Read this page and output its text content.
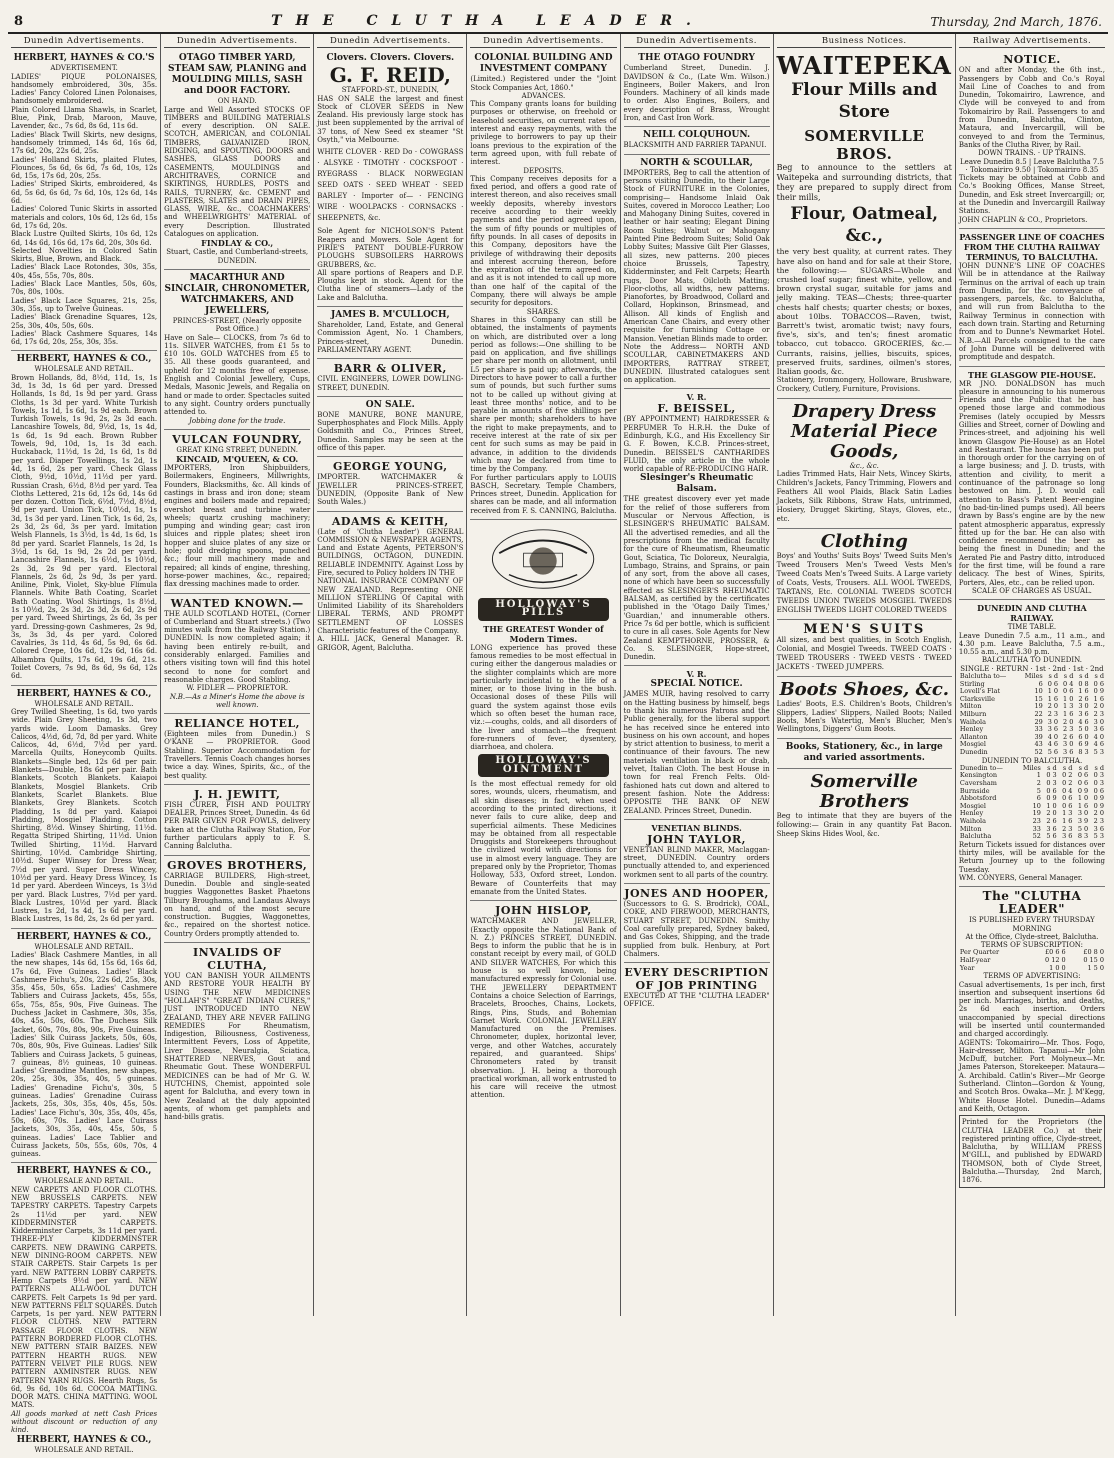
8	THE CLUTHA LEADER.	Thursday, 2nd March, 1876.
Dunedin Advertisements.
HERBERT, HAYNES & CO.'S
ADVERTISEMENT.

LADIES' PIQUE POLONAISES, handsomely embroidered, 30s, 35s. Ladies' Fancy Colored Linen Polonaises, handsomely embroidered.

Plain Colored Llama Shawls, in Scarlet, Blue, Pink, Drab, Maroon, Mauve, Lavender, &c., 7s 6d, 8s 6d, 11s 6d.

Ladies' Black Twill Skirts, new designs, handsomely trimmed, 14s 6d, 16s 6d, 17s 6d, 20s, 22s 6d, 25s.

Ladies' Holland Skirts, plaited Flutes, Flounces, 5s 6d, 6s 6d, 7s 6d, 10s, 12s 6d, 15s, 17s 6d, 20s, 25s.

Ladies' Striped Skirts, embroidered, 4s 6d, 5s 6d, 6s 6d, 7s 6d, 10s, 12s 6d, 14s 6d.

Ladies' Colored Tunic Skirts in assorted materials and colors, 10s 6d, 12s 6d, 15s 6d, 17s 6d, 20s.

Black Lustre Quilted Skirts, 10s 6d, 12s 6d, 14s 6d, 16s 6d, 17s 6d, 20s, 30s 6d.

Selected Novelties in Colored Satin Skirts, Blue, Brown, and Black.

Ladies' Black Lace Rotondes, 30s, 35s, 40s, 45s, 55s, 70s, 80s.

Ladies' Black Lace Mantles, 50s, 60s, 70s, 80s, 100s.

Ladies' Black Lace Squares, 21s, 25s, 30s, 35s, up to Twelve Guineas.

Ladies' Black Grenadine Squares, 12s, 25s, 30s, 40s, 50s, 60s.

Ladies' Black Cashmere Squares, 14s 6d, 17s 6d, 20s, 25s, 30s, 35s.

HERBERT, HAYNES & CO.,
WHOLESALE AND RETAIL.

Brown Hollands, 8d, 8½d, 11d, 1s, 1s 3d, 1s 3d, 1s 6d per yard. Dressed Hollands, 1s 8d, 1s 9d per yard. Grass Cloths, 1s 3d per yard. White Turkish Towels, 1s 1d, 1s 6d, 1s 9d each. Brown Turkish Towels, 1s 9d, 2s, 2s 3d each. Lancashire Towels, 8d, 9½d, 1s, 1s 4d, 1s 6d, 1s 9d each. Brown Rubber Towels, 9d, 10d, 1s, 1s 3d each. Huckaback, 11½d, 1s 2d, 1s 6d, 1s 8d per yard. Diaper Towellings, 1s 2d, 1s 4d, 1s 6d, 2s per yard. Check Glass Cloth, 9½d, 10½d, 11½d per yard. Russian Crash, 6½d, 8½d per yard. Tea Cloths Lettered, 21s 6d, 12s 6d, 14s 6d per dozen. Cotton Tick, 6½d, 7½d, 8½d, 9d per yard. Union Tick, 10½d, 1s, 1s 3d, 1s 3d per yard. Linen Tick, 1s 6d, 2s, 2s 3d, 2s 6d, 3s per yard. Imitation Welsh Flannels, 1s 3½d, 1s 4d, 1s 6d, 1s 8d per yard. Scarlet Flannels, 1s 2d, 1s 3½d, 1s 6d, 1s 9d, 2s 2d per yard. Lancashire Flannels, 1s 6½d, 1s 10½d, 2s 3d, 2s 9d per yard. Electoral Flannels, 2s 6d, 2s 9d, 3s per yard. Aniline, Pink, Violet, Sky-blue Flimula Flannels. White Bath Coating, Scarlet Bath Coating. Wool Shirtings, 1s 8½d, 1s 10½d, 2s, 2s 3d, 2s 3d, 2s 6d, 2s 9d per yard. Tweed Shirtings, 2s 6d, 3s per yard. Dressing-gown Cashmeres, 2s 9d, 3s, 3s 3d, 4s per yard. Colored Cavalries, 3s 11d, 4s 6d, 5s 9d, 6s 6d. Colored Crepe, 10s 6d, 12s 6d, 16s 6d. Albambra Quilts, 17s 6d, 19s 6d, 21s. Toilet Covers, 7s 9d, 8s 6d, 9s 6d, 12s 6d.

HERBERT, HAYNES & CO.,
WHOLESALE AND RETAIL.

Grey Twilled Sheeting, 1s 6d, two yards wide. Plain Grey Sheeting, 1s 3d, two yards wide. Loom Damasks. Grey Calicos, 4½d, 6d, 7d, 8d per yard. White Calicos, 4d, 6½d, 7½d per yard. Marcella Quilts, Honeycomb Quilts. Blankets—Single bed, 12s 6d per pair. Blankets—Double, 18s 6d per pair. Bath Blankets, Scotch Blankets. Kaiapoi Blankets, Mosgiel Blankets. Crib Blankets, Scarlet Blankets. Blue Blankets, Grey Blankets. Scotch Pladding, 1s 8d per yard. Kaiapoi Pladding, Mosgiel Pladding. Cotton Shirting, 8½d. Winsey Shirting, 11½d. Regatta Striped Shirting, 11½d. Union Twilled Shirting, 11½d. Harvard Shirting, 10½d. Cambridge Shirting, 10½d. Super Winsey for Dress Wear, 7½d per yard. Super Dress Wincey, 10½d per yard. Heavy Dress Wincey, 1s 1d per yard. Aberdeen Winceys, 1s 3½d per yard. Black Lustres, 7½d per yard. Black Lustres, 10½d per yard. Black Lustres, 1s 2d, 1s 4d, 1s 6d per yard. Black Lustres, 1s 8d, 2s, 2s 6d per yard.

HERBERT, HAYNES & CO.,
WHOLESALE AND RETAIL.

Ladies' Black Cashmere Mantles, in all the new shapes, 14s 6d, 15s 6d, 16s 6d, 17s 6d, Five Guineas. Ladies' Black Cashmere Fichu's, 20s, 22s 6d, 25s, 30s, 35s, 45s, 50s, 65s. Ladies' Cashmere Tabliers and Cuirass Jackets, 45s, 55s, 65s, 75s, 85s, 90s, Five Guineas. The Duchess Jacket in Cashmere, 30s, 35s, 40s, 45s, 50s, 60s. The Duchess Silk Jacket, 60s, 70s, 80s, 90s, Five Guineas. Ladies' Silk Cuirass Jackets, 50s, 60s, 70s, 80s, 90s, Five Guineas. Ladies' Silk Tabliers and Cuirass Jackets, 5 guineas, 7 guineas, 8½ guineas, 10 guineas. Ladies' Grenadine Mantles, new shapes, 20s, 25s, 30s, 35s, 40s, 5 guineas. Ladies' Grenadine Fichu's, 30s, 5 guineas. Ladies' Grenadine Cuirass Jackets, 25s, 30s, 35s, 40s, 45s, 50s. Ladies' Lace Fichu's, 30s, 35s, 40s, 45s, 50s, 60s, 70s. Ladies' Lace Cuirass Jackets, 30s, 35s, 40s, 45s, 50s, 5 guineas. Ladies' Lace Tablier and Cuirass Jackets, 50s, 55s, 60s, 70s, 4 guineas.

HERBERT, HAYNES & CO.,
WHOLESALE AND RETAIL.

NEW CARPETS AND FLOOR CLOTHS. NEW BRUSSELS CARPETS. NEW TAPESTRY CARPETS. Tapestry Carpets 2s 11½d per yard. NEW KIDDERMINSTER CARPETS. Kidderminster Carpets, 3s 11d per yard. THREE-PLY KIDDERMINSTER CARPETS. NEW DRAWING CARPETS. NEW DINING-ROOM CARPETS. NEW STAIR CARPETS. Stair Carpets 1s per yard. NEW PATTERN LOBBY CARPETS. Hemp Carpets 9½d per yard. NEW PATTERNS ALL-WOOL DUTCH CARPETS. Felt Carpets 1s 9d per yard. NEW PATTERNS FELT SQUARES. Dutch Carpets, 1s per yard. NEW PATTERN FLOOR CLOTHS. NEW PATTERN PASSAGE FLOOR CLOTHS. NEW PATTERN BORDERED FLOOR CLOTHS. NEW PATTERN STAIR BAIZES. NEW PATTERN HEARTH RUGS. NEW PATTERN VELVET PILE RUGS. NEW PATTERN AXMINSTER RUGS. NEW PATTERN YARN RUGS. Hearth Rugs, 5s 6d, 9s 6d, 10s 6d. COCOA MATTING. DOOR MATS. CHINA MATTING. WOOL MATS.

All goods marked at nett Cash Prices without discount or reduction of any kind.

HERBERT, HAYNES & CO.,
WHOLESALE AND RETAIL.
Dunedin Advertisements.
OTAGO TIMBER YARD, STEAM SAW, PLANING and MOULDING MILLS, SASH and DOOR FACTORY.
ON HAND.

Large and Well Assorted STOCKS OF TIMBERS and BUILDING MATERIALS of every description. ON SALE. SCOTCH, AMERICAN, and COLONIAL TIMBERS, GALVANIZED IRON, RIDGING, and SPOUTING, DOORS and SASHES, GLASS DOORS and CASEMENTS, MOULDINGS and ARCHITRAVES, CORNICE and SKIRTINGS, HURDLES, POSTS and RAILS, TURNERY, &c. CEMENT and PLASTERS, SLATES and DRAIN PIPES, GLASS, WIRE, &c., COACHMAKERS' and WHEELWRIGHTS' MATERIAL of every Description. Illustrated Catalogues on application.

FINDLAY & CO.,
Stuart, Castle, and Cumberland-streets, DUNEDIN.
MACARTHUR AND SINCLAIR, CHRONOMETER, WATCHMAKERS, AND JEWELLERS,
PRINCES-STREET, (Nearly opposite Post Office.)

Have on Sale— CLOCKS, from 7s 6d to 11s. SILVER WATCHES, from £1 5s to £10 10s. GOLD WATCHES from £5 to 35. All these goods guaranteed, and upheld for 12 months free of expense. English and Colonial Jewellery, Cups, Medals, Masonic Jewels, and Regalia on hand or made to order. Spectacles suited to any sight. Country orders punctually attended to.

Jobbing done for the trade.
VULCAN FOUNDRY,
GREAT KING STREET, DUNEDIN.
KINCAID, M'QUEEN, & CO.

IMPORTERS, Iron Shipbuilders, Boilermakers, Engineers, Millwrights, Founders, Blacksmiths, &c. All kinds of castings in brass and iron done; steam engines and boilers made and repaired; overshot breast and turbine water wheels; quartz crushing machinery; pumping and winding gear; cast iron sluices and ripple plates; sheet iron hopper and sluice plates of any size or hole; gold dredging spoons, punched &c.; flour mill machinery made and repaired; all kinds of engine, threshing, horse-power machines, &c., repaired; flax dressing machines made to order.

WANTED KNOWN.—

THE AULD SCOTLAND HOTEL, (Corner of Cumberland and Stuart streets.) (Two minutes walk from the Railway Station.) DUNEDIN. Is now completed again; it having been entirely re-built, and considerably enlarged. Families and others visiting town will find this hotel second to none for comfort and reasonable charges. Good Stabling.

W. FIDLER — PROPRIETOR.
N.B.—As a Miner's Home the above is well known.
RELIANCE HOTEL,

(Eighteen miles from Dunedin.) S O'KANE — PROPRIETOR. Good Stabling. Superior Accommodation for Travellers. Tennis Coach changes horses twice a day. Wines, Spirits, &c., of the best quality.

J. H. JEWITT,

FISH CURER, FISH AND POULTRY DEALER, Princes Street, Dunedin. 4s 6d PER PAIR GIVEN FOR FOWLS, delivery taken at the Clutha Railway Station, For further particulars apply to F. S. Canning Balclutha.

GROVES BROTHERS,

CARRIAGE BUILDERS, High-street, Dunedin. Double and single-seated buggies Waggonettes Basket Phaetons Tilbury Broughams, and Landaus Always on hand, and of the most secure construction. Buggies, Waggonettes, &c., repaired on the shortest notice. Country Orders promptly attended to.

INVALIDS OF CLUTHA,

YOU CAN BANISH YOUR AILMENTS AND RESTORE YOUR HEALTH BY USING THE NEW MEDICINES "HOLLAH'S" "GREAT INDIAN CURES," JUST INTRODUCED INTO NEW ZEALAND, THEY ARE NEVER FAILING REMEDIES For Rheumatism, Indigestion, Biliousness, Costiveness, Intermittent Fevers, Loss of Appetite, Liver Disease, Neuralgia, Sciatica, SHATTERED NERVES, Gout and Rheumatic Gout. These WONDERFUL MEDICINES can be had of Mr G. W. HUTCHINS, Chemist, appointed sole agent for Balclutha, and every town in New Zealand at the duly appointed agents, of whom get pamphlets and hand-bills gratis.

Dunedin Advertisements.
Clovers. Clovers. Clovers.
G. F. REID,
STAFFORD-ST., DUNEDIN,

HAS ON SALE the largest and finest Stock of CLOVER SEEDS in New Zealand. His previously large stock has just been supplemented by the arrival of 37 tons, of New Seed ex steamer "St Osyth," via Melbourne.

WHITE CLOVER · RED Do · COWGRASS · ALSYKE · TIMOTHY · COCKSFOOT · RYEGRASS · BLACK NORWEGIAN SEED OATS · SEED WHEAT · SEED BARLEY · Importer of— · FENCING WIRE · WOOLPACKS · CORNSACKS · SHEEPNETS, &c.

Sole Agent for NICHOLSON'S Patent Reapers and Mowers. Sole Agent for PIRIE'S PATENT DOUBLE-FURROW PLOUGHS SUBSOILERS HARROWS GRUBBERS, &c.

All spare portions of Reapers and D.F. Ploughs kept in stock. Agent for the Clutha line of steamers—Lady of the Lake and Balclutha.

JAMES B. M'CULLOCH,

Shareholder, Land, Estate, and General Commission Agent, No. 1 Chambers, Princes-street, Dunedin. PARLIAMENTARY AGENT.

BARR & OLIVER,

CIVIL ENGINEERS, LOWER DOWLING-STREET, DUNEDIN.

ON SALE.

BONE MANURE, BONE MANURE, Superphosphates and Flock Mills. Apply Goldsmith and Co., Princes Street, Dunedin. Samples may be seen at the office of this paper.

GEORGE YOUNG,

IMPORTER. WATCHMAKER & JEWELLER PRINCES-STREET, DUNEDIN, (Opposite Bank of New South Wales.)

ADAMS & KEITH,

(Late of 'Clutha Leader') GENERAL COMMISSION & NEWSPAPER AGENTS, Land and Estate Agents, PETERSON'S BUILDINGS, OCTAGON, DUNEDIN. RELIABLE INDEMNITY. Against Loss by Fire, secured to Policy holders IN THE

NATIONAL INSURANCE COMPANY OF NEW ZEALAND. Representing ONE MILLION STERLING Of Capital with Unlimited Liability of its Shareholders LIBERAL TERMS, AND PROMPT SETTLEMENT OF LOSSES Characteristic features of the Company.

A. HILL JACK, General Manager. R. GRIGOR, Agent, Balclutha.

Dunedin Advertisements.
COLONIAL BUILDING AND INVESTMENT COMPANY

(Limited.) Registered under the "Joint Stock Companies Act, 1860."

ADVANCES.

This Company grants loans for building purposes or otherwise, on freehold or leasehold securities, on current rates of interest and easy repayments, with the privilege to borrowers to pay up their loans previous to the expiration of the term agreed upon, with full rebate of interest.

DEPOSITS.

This Company receives deposits for a fixed period, and offers a good rate of interest thereon, and also receives small weekly deposits, whereby investors receive according to their weekly payments and the period agreed upon, the sum of fifty pounds or multiples of fifty pounds. In all cases of deposits in this Company, depositors have the privilege of withdrawing their deposits and interest accruing thereon, before the expiration of the term agreed on, and as it is not intended to call up more than one half of the capital of the Company, there will always be ample security for depositors.

SHARES.

Shares in this Company can still be obtained, the instalments of payments on which, are distributed over a long period as follows:—One shilling to be paid on application, and five shillings per share per month on allotment, until L5 per share is paid up; afterwards, the Directors to have power to call a further sum of pounds, but such further sums not to be called up without giving at least three months' notice, and to be payable in amounts of five shillings per share per month; shareholders to have the right to make prepayments, and to receive interest at the rate of six per cent for such sums as may be paid in advance, in addition to the dividends which may be declared from time to time by the Company.

For further particulars apply to LOUIS BASCH, Secretary. Temple Chambers, Princes street, Dunedin. Application for shares can be made, and all information received from F. S. CANNING, Balclutha.

HOLLOWAY'S PILLS
THE GREATEST Wonder of Modern Times.

LONG experience has proved these famous remedies to be most effectual in curing either the dangerous maladies or the slighter complaints which are more particularly incidental to the life of a miner, or to those living in the bush. Occasional doses of these Pills will guard the system against those evils which so often beset the human race, viz.:—coughs, colds, and all disorders of the liver and stomach—the frequent fore-runners of fever, dysentery, diarrhoea, and cholera.

HOLLOWAY'S OINTMENT

Is the most effectual remedy for old sores, wounds, ulcers, rheumatism, and all skin diseases; in fact, when used according to the printed directions, it never fails to cure alike, deep and superficial ailments. These Medicines may be obtained from all respectable Druggists and Storekeepers throughout the civilized world with directions for use in almost every language. They are prepared only by the Proprietor, Thomas Holloway, 533, Oxford street, London. Beware of Counterfeits that may emanate from the United States.

JOHN HISLOP,

WATCHMAKER AND JEWELLER, (Exactly opposite the National Bank of N. Z.) PRINCES STREET, DUNEDIN. Begs to inform the public that he is in constant receipt by every mail, of GOLD AND SILVER WATCHES, For which this house is so well known, being manufactured expressly for Colonial use. THE JEWELLERY DEPARTMENT Contains a choice Selection of Earrings, Bracelets, Brooches, Chains, Lockets, Rings, Pins, Studs, and Bohemian Garnet Work. COLONIAL JEWELLERY Manufactured on the Premises. Chronometer, duplex, horizontal lever, verge, and other Watches, accurately repaired, and guaranteed. Ships' Chronometers rated by transit observation. J. H. being a thorough practical workman, all work entrusted to his care will receive the utmost attention.

Dunedin Advertisements.
THE OTAGO FOUNDRY

Cumberland Street, Dunedin. J. DAVIDSON & Co., (Late Wm. Wilson.) Engineers, Boiler Makers, and Iron Founders. Machinery of all kinds made to order. Also Engines, Boilers, and every description of Brass, Wrought Iron, and Cast Iron Work.

NEILL COLQUHOUN.

BLACKSMITH AND FARRIER TAPANUI.

NORTH & SCOULLAR,

IMPORTERS, Beg to call the attention of persons visiting Dunedin, to their Large Stock of FURNITURE in the Colonies, comprising— Handsome Inlaid Oak Suites, covered in Morocco Leather; Loo and Mahogany Dining Suites, covered in leather or hair seating; Elegant Dining Room Suites; Walnut or Mahogany Painted Pine Bedroom Suites; Solid Oak Lobby Suites; Massive Gilt Pier Glasses, all sizes, new patterns. 200 pieces choice Brussels, Tapestry, Kidderminster, and Felt Carpets; Hearth rugs, Door Mats, Oilcloth Matting; Floor-cloths, all widths, new patterns. Pianofortes, by Broadwood, Collard and Collard, Hopkinson, Brinsmead, and Allison. All kinds of English and American Cane Chairs, and every other requisite for furnishing Cottage or Mansion. Venetian Blinds made to order.

Note the Address— NORTH AND SCOULLAR, CABINETMAKERS AND IMPORTERS, RATTRAY STREET, DUNEDIN. Illustrated catalogues sent on application.

V. R.
F. BEISSEL,

(BY APPOINTMENT) HAIRDRESSER & PERFUMER To H.R.H. the Duke of Edinburgh, K.G., and His Excellency Sir G. F. Bowen, K.C.B. Princes-street, Dunedin. BEISSEL'S CANTHARIDES FLUID, the only article in the whole world capable of RE-PRODUCING HAIR.

Slesinger's Rheumatic Balsam.

THE greatest discovery ever yet made for the relief of those sufferers from Muscular or Nervous Affection, is SLESINGER'S RHEUMATIC BALSAM. All the advertised remedies, and all the prescriptions from the medical faculty for the cure of Rheumatism, Rheumatic Gout, Sciatica, Tic Doloreux, Neuralgia, Lumbago, Strains, and Sprains, or pain of any sort, from the above all cases, none of which have been so successfully effected as SLESINGER'S RHEUMATIC BALSAM, as certified by the certificates published in the 'Otago Daily Times,' 'Guardian,' and innumerable others. Price 7s 6d per bottle, which is sufficient to cure in all cases. Sole Agents for New Zealand KEMPTHORNE, PROSSER, & Co. S. SLESINGER, Hope-street, Dunedin.

V. R.
SPECIAL NOTICE.

JAMES MUIR, having resolved to carry on the Hatting business by himself, begs to thank his numerous Patrons and the Public generally, for the liberal support he has received since he entered into business on his own account, and hopes by strict attention to business, to merit a continuance of their favours. The new materials ventilation in black or drab, velvet, Italian Cloth. The best House in town for real French Felts. Old-fashioned hats cut down and altered to present fashion. Note the Address: OPPOSITE THE BANK OF NEW ZEALAND. Princes Street, Dunedin.

VENETIAN BLINDS.
JOHN TAYLOR,

VENETIAN BLIND MAKER, Maclaggan-street, DUNEDIN. Country orders punctually attended to, and experienced workmen sent to all parts of the country.

JONES AND HOOPER,

(Successors to G. S. Brodrick), COAL, COKE, AND FIREWOOD, MERCHANTS, STUART STREET, DUNEDIN. Smithy Coal carefully prepared, Sydney baked, and Gas Cokes, Shipping, and the trade supplied from bulk. Henbury, at Port Chalmers.

EVERY DESCRIPTION OF JOB PRINTING

EXECUTED AT THE "CLUTHA LEADER" OFFICE.

Business Notices.
WAITEPEKA
Flour Mills and Store
SOMERVILLE BROS.

Beg to announce to the settlers at Waitepeka and surrounding districts, that they are prepared to supply direct from their mills,

Flour, Oatmeal, &c.,

the very best quality, at current rates. They have also on hand and for sale at their Store, the following:— SUGARS—Whole and crushed loaf sugar; finest white, yellow, and brown crystal sugar, suitable for jams and jelly making. TEAS—Chests; three-quarter chests half chests; quarter chests; or boxes, about 10lbs. TOBACCOS—Raven, twist, Barrett's twist, aromatic twist; navy fours, five's, six's, and ten's; finest aromatic tobacco, cut tobacco. GROCERIES, &c.—Currants, raisins, jellies, biscuits, spices, preserved fruits, sardines, oilmen's stores, Italian goods, &c.

Stationery, Ironmongery, Holloware, Brushware, Crockery, Cutlery, Furniture, Provisions.

Drapery Dress Material Piece Goods,
&c., &c.

Ladies Trimmed Hats, Hair Nets, Wincey Skirts, Children's Jackets, Fancy Trimming, Flowers and Feathers All wool Plaids, Black Satin Ladies Jackets, Silk Ribbons, Straw Hats, untrimmed, Hosiery, Drugget Skirting, Stays, Gloves, etc., etc.

Clothing

Boys' and Youths' Suits Boys' Tweed Suits Men's Tweed Trousers Men's Tweed Vests Men's Tweed Coats Men's Tweed Suits. A Large variety of Coats, Vests, Trousers. ALL WOOL TWEEDS, TARTANS, Etc. COLONIAL TWEEDS SCOTCH TWEEDS UNION TWEEDS MOSGIEL TWEEDS ENGLISH TWEEDS LIGHT COLORED TWEEDS

MEN'S SUITS

All sizes, and best qualities, in Scotch English, Colonial, and Mosgiel Tweeds. TWEED COATS · TWEED TROUSERS · TWEED VESTS · TWEED JACKETS · TWEED JUMPERS.

Boots Shoes, &c.

Ladies' Boots, E.S. Children's Boots, Children's Slippers, Ladies' Slippers, Nailed Boots; Nailed Boots, Men's Watertig, Men's Blucher, Men's Wellingtons, Diggers' Gum Boots.

Books, Stationery, &c., in large and varied assortments.
Somerville Brothers

Beg to intimate that they are buyers of the following:— Grain in any quantity Fat Bacon. Sheep Skins Hides Wool, &c.

Railway Advertisements.
NOTICE.

ON and after Monday, the 6th inst., Passengers by Cobb and Co.'s Royal Mail Line of Coaches to and from Dunedin, Tokomairiro, Lawrence, and Clyde will be conveyed to and from Tokomairiro by Rail. Passengers to and from Dunedin, Balclutha, Clinton, Mataura, and Invercargill, will be conveyed to and from the Terminus, Banks of the Clutha River, by Rail.

DOWN TRAINS. · UP TRAINS.
Leave Dunedin 8.5 | Leave Balclutha 7.5 · Tokomairiro 9.50 | Tokomairiro 8.35

Tickets may be obtained at Cobb and Co.'s Booking Offices, Manse Street, Dunedin, and Esk street Invercargill; or, at the Dunedin and Invercargill Railway Stations.

JOHN CHAPLIN & CO., Proprietors.

PASSENGER LINE OF COACHES FROM THE CLUTHA RAILWAY TERMINUS, TO BALCLUTHA.

JOHN DUNNE'S LINE OF COACHES Will be in attendance at the Railway Terminus on the arrival of each up train from Dunedin, for the conveyance of passengers, parcels, &c. to Balclutha, and will run from Balclutha to the Railway Terminus in connection with each down train. Starting and Returning from and to Dunne's Newmarket Hotel. N.B.—All Parcels consigned to the care of John Dunne will be delivered with promptitude and despatch.

THE GLASGOW PIE-HOUSE.

MR JNO. DONALDSON has much pleasure in announcing to his numerous Friends and the Public that he has opened those large and commodious Premises (lately occupied by Messrs Gillies and Street, corner of Dowling and Princes-street, and adjoining his well known Glasgow Pie-House) as an Hotel and Restaurant. The house has been put in thorough order for the carrying on of a large business; and J. D. trusts, with attention and civility, to merit a continuance of the patronage so long bestowed on him. J. D. would call attention to Bass's Patent Beer-engine (no bad-tin-lined pumps used). All beers drawn by Bass's engine are by the new patent atmospheric apparatus, expressly fitted up for the bar. He can also with confidence recommend the beer as being the finest in Dunedin; and the Aerated Pie and Pastry ditto, introduced for the first time, will be found a rare delicacy. The best of Wines, Spirits, Porters, Ales, etc., can be relied upon.

SCALE OF CHARGES AS USUAL.
DUNEDIN AND CLUTHA RAILWAY.
TIME TABLE.

Leave Dunedin 7.5 a.m., 11 a.m., and 4.30 p.m. Leave Balclutha, 7.5 a.m., 10.55 a.m., and 5.30 p.m.

BALCLUTHA TO DUNEDIN.
SINGLE · RETURN · 1st · 2nd · 1st · 2nd
Balclutha to—	Miles	s d	s d	s d	s d
Stirling	6	0 6	0 4	0 8	0 6
Lovell's Flat	10	1 0	0 6	1 6	0 9
Clarksville	15	1 6	1 0	2 6	1 6
Milton	19	2 0	1 3	3 0	2 0
Milburn	22	2 3	1 6	3 6	2 3
Waihola	29	3 0	2 0	4 6	3 0
Henley	33	3 6	2 3	5 0	3 6
Allanton	39	4 0	2 6	6 0	4 0
Mosgiel	43	4 6	3 0	6 9	4 6
Dunedin	52	5 6	3 6	8 3	5 3
DUNEDIN TO BALCLUTHA.
Dunedin to—	Miles	s d	s d	s d	s d
Kensington	1	0 3	0 2	0 6	0 3
Caversham	2	0 3	0 2	0 6	0 3
Burnside	5	0 6	0 4	0 9	0 6
Abbotsford	6	0 9	0 6	1 0	0 9
Mosgiel	10	1 0	0 6	1 6	0 9
Henley	19	2 0	1 3	3 0	2 0
Waihola	23	2 6	1 6	3 9	2 3
Milton	33	3 6	2 3	5 0	3 6
Balclutha	52	5 6	3 6	8 3	5 3

Return Tickets issued for distances over thirty miles, will be available for the Return Journey up to the following Tuesday.

WM. CONYERS, General Manager.

The "CLUTHA LEADER"
IS PUBLISHED EVERY THURSDAY MORNING
At the Office, Clyde-street, Balclutha.
TERMS OF SUBSCRIPTION:
Per Quarter	£0 6 6	£0 8 0
Half-year	0 12 0	0 15 0
Year	1 0 0	1 5 0
TERMS OF ADVERTISING:

Casual advertisements, 1s per inch, first insertion and subsequent insertions 6d per inch. Marriages, births, and deaths, 2s 6d each insertion. Orders unaccompanied by special directions will be inserted until countermanded and charged accordingly.

AGENTS: Tokomairiro—Mr. Thos. Fogo, Hair-dresser, Milton. Tapanui—Mr John McDuff, butcher. Port Molyneux—Mr. James Paterson, Storekeeper. Mataura—A. Archibald. Catlin's River—Mr George Sutherland. Clinton—Gordon & Young, and Scotch Bros. Owaka—Mr. J. M'Kegg, White House Hotel. Dunedin—Adams and Keith, Octagon.

Printed for the Proprietors (the CLUTHA LEADER Co.) at their registered printing office, Clyde-street, Balclutha, by WILLIAM PRESS M'GILL, and published by EDWARD THOMSON, both of Clyde Street, Balclutha.—Thursday, 2nd March, 1876.
